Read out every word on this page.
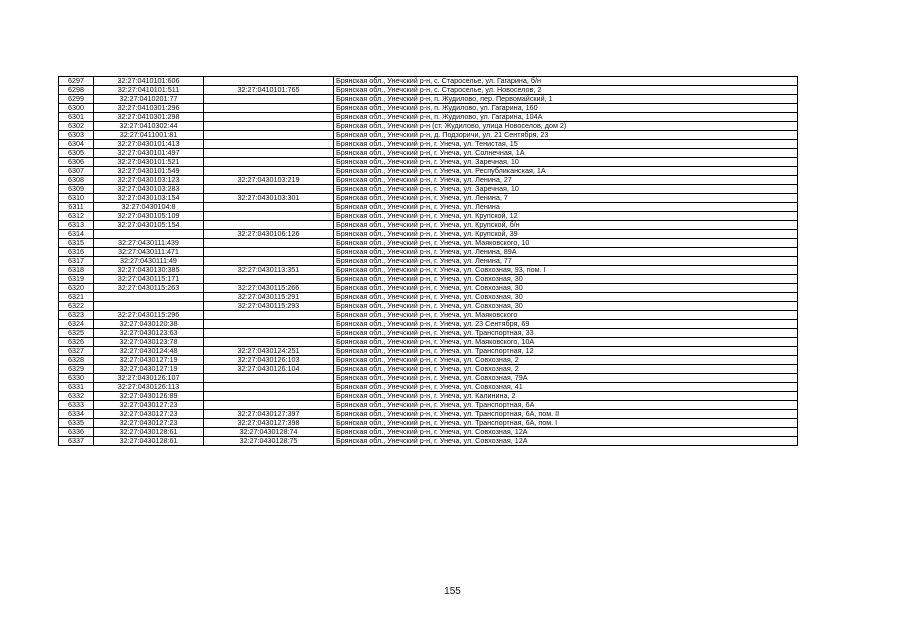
6297	32:27:0410101:606		Брянская обл., Унечский р-н, с. Староселье, ул. Гагарина, б/н
6298	32:27:0410101:511	32:27:0410101:765	Брянская обл., Унечский р-н, с. Староселье, ул. Новоселов, 2
6299	32:27:0410201:77		Брянская обл., Унечский р-н, п. Жудилово, пер. Первомайский, 1
6300	32:27:0410301:296		Брянская обл., Унечский р-н, п. Жудилово, ул. Гагарина, 160
6301	32:27:0410301:298		Брянская обл., Унечский р-н, п. Жудилово, ул. Гагарина, 104А
6302	32:27:0410302:44		Брянская обл., Унечский р-н (ст. Жудилово, улица Новоселов, дом 2)
6303	32:27:0411001:81		Брянская обл., Унечский р-н, д. Подзоричи, ул. 21 Сентября, 23
6304	32:27:0430101:413		Брянская обл., Унечский р-н, г. Унеча, ул. Тенистая, 15
6305	32:27:0430101:497		Брянская обл., Унечский р-н, г. Унеча, ул. Солнечная, 1А
6306	32:27:0430101:521		Брянская обл., Унечский р-н, г. Унеча, ул. Заречная, 10
6307	32:27:0430101:549		Брянская обл., Унечский р-н, г. Унеча, ул. Республиканская, 1А
6308	32:27:0430103:123	32:27:0430103:219	Брянская обл., Унечский р-н, г. Унеча, ул. Ленина, 27
6309	32:27:0430103:283		Брянская обл., Унечский р-н, г. Унеча, ул. Заречная, 10
6310	32:27:0430103:154	32:27:0430103:301	Брянская обл., Унечский р-н, г. Унеча, ул. Ленина, 7
6311	32:27:0430104:8		Брянская обл., Унечский р-н, г. Унеча, ул. Ленина
6312	32:27:0430105:109		Брянская обл., Унечский р-н, г. Унеча, ул. Крупской, 12
6313	32:27:0430105:154		Брянская обл., Унечский р-н, г. Унеча, ул. Крупской, б/н
6314		32:27:0430106:126	Брянская обл., Унечский р-н, г. Унеча, ул. Крупской, 39
6315	32:27:0430111:439		Брянская обл., Унечский р-н, г. Унеча, ул. Маяковского, 10
6316	32:27:0430111:471		Брянская обл., Унечский р-н, г. Унеча, ул. Ленина, 89А
6317	32:27:0430111:49		Брянская обл., Унечский р-н, г. Унеча, ул. Ленина, 77
6318	32:27:0430130:385	32:27:0430113:351	Брянская обл., Унечский р-н, г. Унеча, ул. Совхозная, 93, пом. I
6319	32:27:0430115:171		Брянская обл., Унечский р-н, г. Унеча, ул. Совхозная, 30
6320	32:27:0430115:263	32:27:0430115:266	Брянская обл., Унечский р-н, г. Унеча, ул. Совхозная, 30
6321		32:27:0430115:291	Брянская обл., Унечский р-н, г. Унеча, ул. Совхозная, 30
6322		32:27:0430115:293	Брянская обл., Унечский р-н, г. Унеча, ул. Совхозная, 30
6323	32:27:0430115:296		Брянская обл., Унечский р-н, г. Унеча, ул. Маяковского
6324	32:27:0430120:38		Брянская обл., Унечский р-н, г. Унеча, ул. 23 Сентября, 69
6325	32:27:0430123:63		Брянская обл., Унечский р-н, г. Унеча, ул. Транспортная, 33
6326	32:27:0430123:78		Брянская обл., Унечский р-н, г. Унеча, ул. Маяковского, 10А
6327	32:27:0430124:48	32:27:0430124:251	Брянская обл., Унечский р-н, г. Унеча, ул. Транспортная, 12
6328	32:27:0430127:19	32:27:0430126:103	Брянская обл., Унечский р-н, г. Унеча, ул. Совхозная, 2
6329	32:27:0430127:19	32:27:0430126:104	Брянская обл., Унечский р-н, г. Унеча, ул. Совхозная, 2
6330	32:27:0430126:107		Брянская обл., Унечский р-н, г. Унеча, ул. Совхозная, 79А
6331	32:27:0430126:113		Брянская обл., Унечский р-н, г. Унеча, ул. Совхозная, 41
6332	32:27:0430126:89		Брянская обл., Унечский р-н, г. Унеча, ул. Калинина, 2
6333	32:27:0430127:23		Брянская обл., Унечский р-н, г. Унеча, ул. Транспортная, 6А
6334	32:27:0430127:23	32:27:0430127:397	Брянская обл., Унечский р-н, г. Унеча, ул. Транспортная, 6А, пом. II
6335	32:27:0430127:23	32:27:0430127:398	Брянская обл., Унечский р-н, г. Унеча, ул. Транспортная, 6А, пом. I
6336	32:27:0430128:61	32:27:0430128:74	Брянская обл., Унечский р-н, г. Унеча, ул. Совхозная, 12А
6337	32:27:0430128:61	32:27:0430128:75	Брянская обл., Унечский р-н, г. Унеча, ул. Совхозная, 12А
155
